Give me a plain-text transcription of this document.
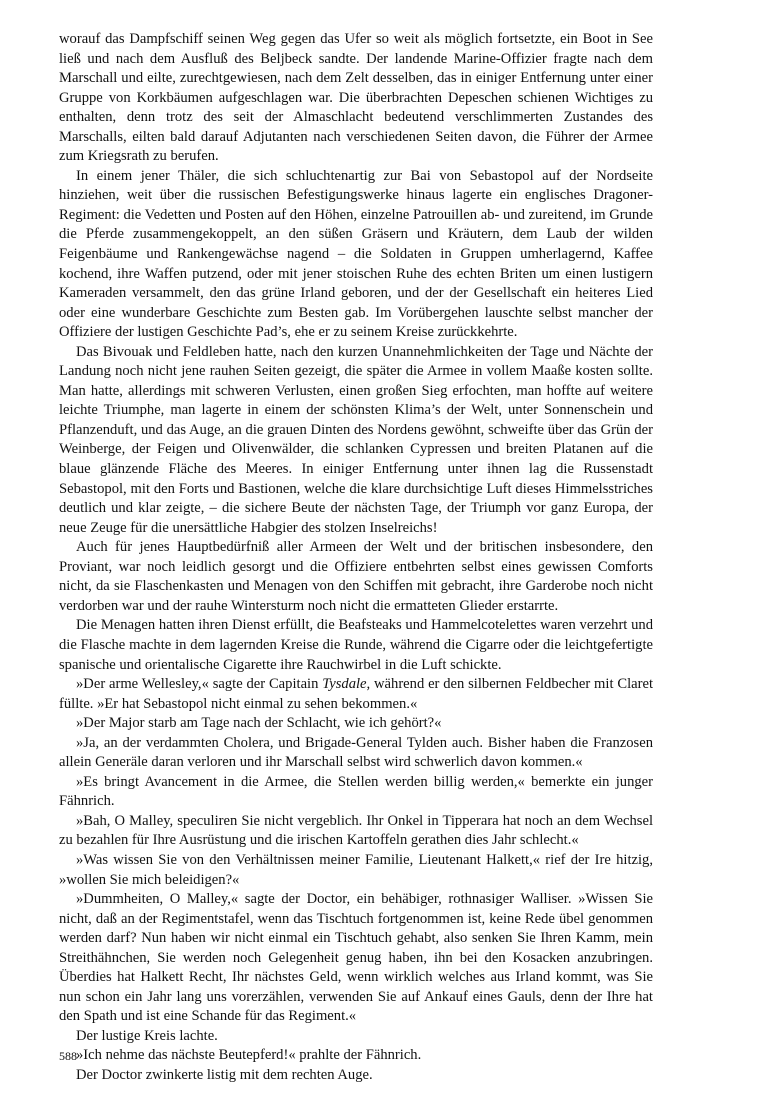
worauf das Dampfschiff seinen Weg gegen das Ufer so weit als möglich fortsetzte, ein Boot in See ließ und nach dem Ausfluß des Beljbeck sandte. Der landende Marine-Offizier fragte nach dem Marschall und eilte, zurechtgewiesen, nach dem Zelt desselben, das in einiger Entfernung unter einer Gruppe von Korkbäumen aufgeschlagen war. Die überbrachten Depeschen schienen Wichtiges zu enthalten, denn trotz des seit der Almaschlacht bedeutend verschlimmerten Zustandes des Marschalls, eilten bald darauf Adjutanten nach verschiedenen Seiten davon, die Führer der Armee zum Kriegsrath zu berufen.

In einem jener Thäler, die sich schluchtenartig zur Bai von Sebastopol auf der Nordseite hinziehen, weit über die russischen Befestigungswerke hinaus lagerte ein englisches Dragoner-Regiment: die Vedetten und Posten auf den Höhen, einzelne Patrouillen ab- und zureitend, im Grunde die Pferde zusammengekoppelt, an den süßen Gräsern und Kräutern, dem Laub der wilden Feigenbäume und Rankengewächse nagend – die Soldaten in Gruppen umherlagernd, Kaffee kochend, ihre Waffen putzend, oder mit jener stoischen Ruhe des echten Briten um einen lustigern Kameraden versammelt, den das grüne Irland geboren, und der der Gesellschaft ein heiteres Lied oder eine wunderbare Geschichte zum Besten gab. Im Vorübergehen lauschte selbst mancher der Offiziere der lustigen Geschichte Pad’s, ehe er zu seinem Kreise zurückkehrte.

Das Bivouak und Feldleben hatte, nach den kurzen Unannehmlichkeiten der Tage und Nächte der Landung noch nicht jene rauhen Seiten gezeigt, die später die Armee in vollem Maaße kosten sollte. Man hatte, allerdings mit schweren Verlusten, einen großen Sieg erfochten, man hoffte auf weitere leichte Triumphe, man lagerte in einem der schönsten Klima’s der Welt, unter Sonnenschein und Pflanzenduft, und das Auge, an die grauen Dinten des Nordens gewöhnt, schweifte über das Grün der Weinberge, der Feigen und Olivenwälder, die schlanken Cypressen und breiten Platanen auf die blaue glänzende Fläche des Meeres. In einiger Entfernung unter ihnen lag die Russenstadt Sebastopol, mit den Forts und Bastionen, welche die klare durchsichtige Luft dieses Himmelsstriches deutlich und klar zeigte, – die sichere Beute der nächsten Tage, der Triumph vor ganz Europa, der neue Zeuge für die unersättliche Habgier des stolzen Inselreichs!

Auch für jenes Hauptbedürfniß aller Armeen der Welt und der britischen insbesondere, den Proviant, war noch leidlich gesorgt und die Offiziere entbehrten selbst eines gewissen Comforts nicht, da sie Flaschenkasten und Menagen von den Schiffen mit gebracht, ihre Garderobe noch nicht verdorben war und der rauhe Wintersturm noch nicht die ermatteten Glieder erstarrte.

Die Menagen hatten ihren Dienst erfüllt, die Beafsteaks und Hammelcotelettes waren verzehrt und die Flasche machte in dem lagernden Kreise die Runde, während die Cigarre oder die leichtgefertigte spanische und orientalische Cigarette ihre Rauchwirbel in die Luft schickte.

»Der arme Wellesley,« sagte der Capitain Tysdale, während er den silbernen Feldbecher mit Claret füllte. »Er hat Sebastopol nicht einmal zu sehen bekommen.«

»Der Major starb am Tage nach der Schlacht, wie ich gehört?«

»Ja, an der verdammten Cholera, und Brigade-General Tylden auch. Bisher haben die Franzosen allein Generäle daran verloren und ihr Marschall selbst wird schwerlich davon kommen.«

»Es bringt Avancement in die Armee, die Stellen werden billig werden,« bemerkte ein junger Fähnrich.

»Bah, O Malley, speculiren Sie nicht vergeblich. Ihr Onkel in Tipperara hat noch an dem Wechsel zu bezahlen für Ihre Ausrüstung und die irischen Kartoffeln gerathen dies Jahr schlecht.«

»Was wissen Sie von den Verhältnissen meiner Familie, Lieutenant Halkett,« rief der Ire hitzig, »wollen Sie mich beleidigen?«

»Dummheiten, O Malley,« sagte der Doctor, ein behäbiger, rothnasiger Walliser. »Wissen Sie nicht, daß an der Regimentstafel, wenn das Tischtuch fortgenommen ist, keine Rede übel genommen werden darf? Nun haben wir nicht einmal ein Tischtuch gehabt, also senken Sie Ihren Kamm, mein Streithähnchen, Sie werden noch Gelegenheit genug haben, ihn bei den Kosacken anzubringen. Überdies hat Halkett Recht, Ihr nächstes Geld, wenn wirklich welches aus Irland kommt, was Sie nun schon ein Jahr lang uns vorerzählen, verwenden Sie auf Ankauf eines Gauls, denn der Ihre hat den Spath und ist eine Schande für das Regiment.«

Der lustige Kreis lachte.

»Ich nehme das nächste Beutepferd!« prahlte der Fähnrich.

Der Doctor zwinkerte listig mit dem rechten Auge.

588
